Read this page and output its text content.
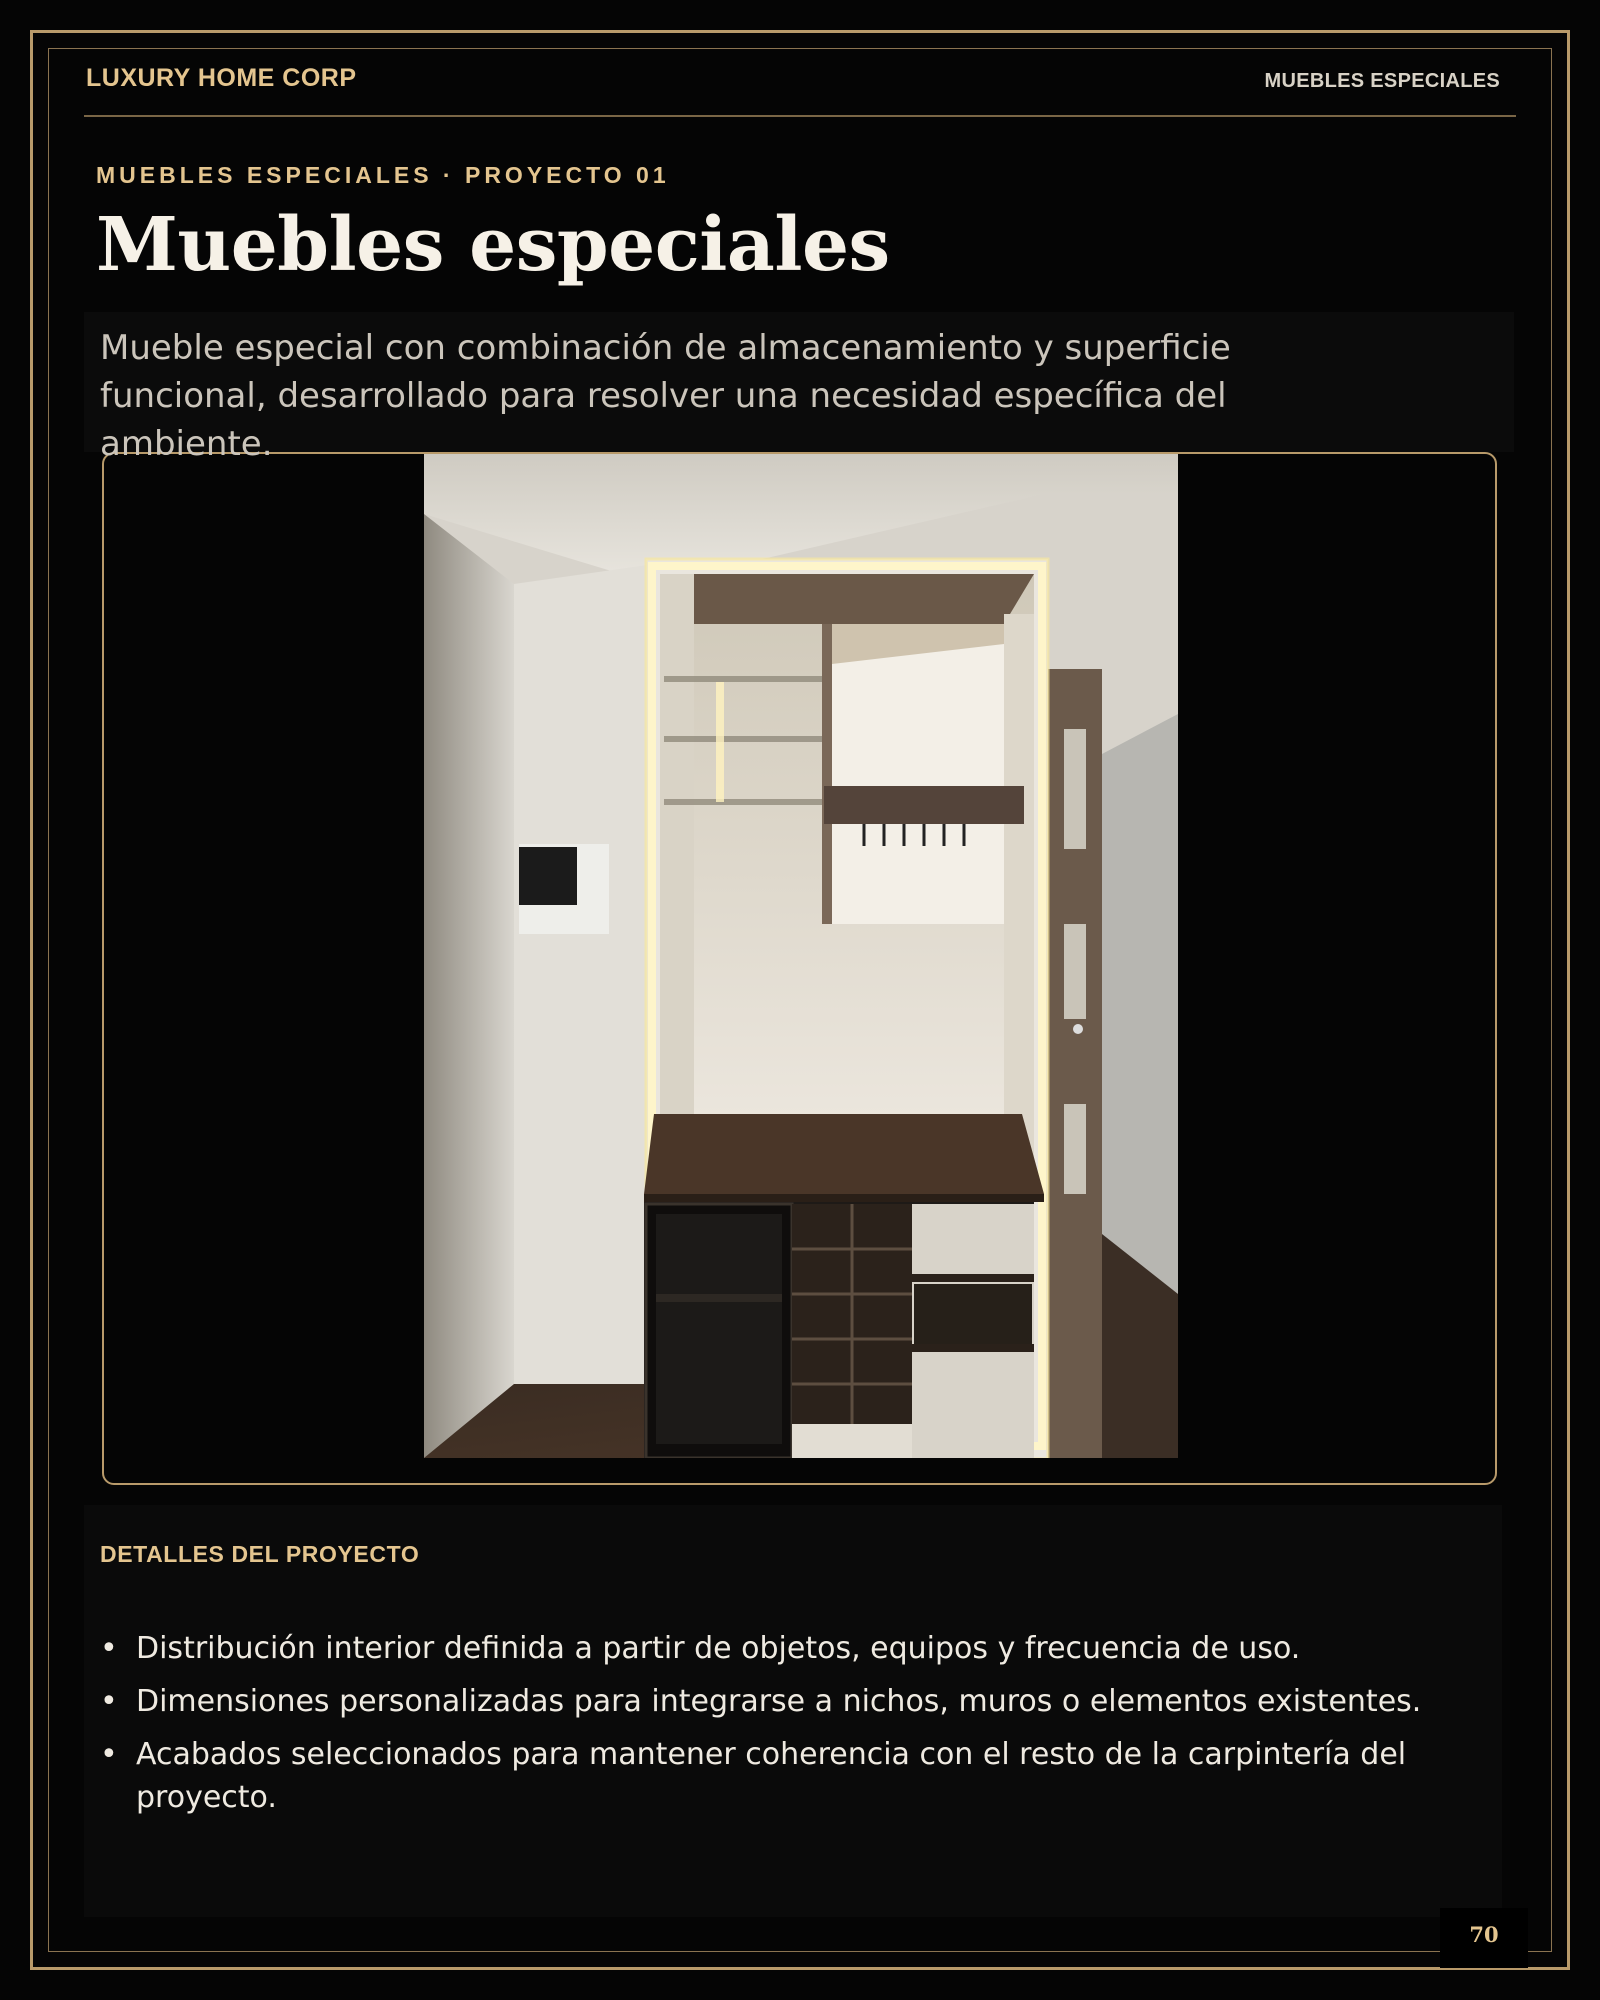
LUXURY HOME CORP	MUEBLES ESPECIALES
MUEBLES ESPECIALES · PROYECTO 01
Muebles especiales

Mueble especial con combinación de almacenamiento y superficie funcional, desarrollado para resolver una necesidad específica del ambiente.

DETALLES DEL PROYECTO
• Distribución interior definida a partir de objetos, equipos y frecuencia de uso.
• Dimensiones personalizadas para integrarse a nichos, muros o elementos existentes.
• Acabados seleccionados para mantener coherencia con el resto de la carpintería del proyecto.
70
